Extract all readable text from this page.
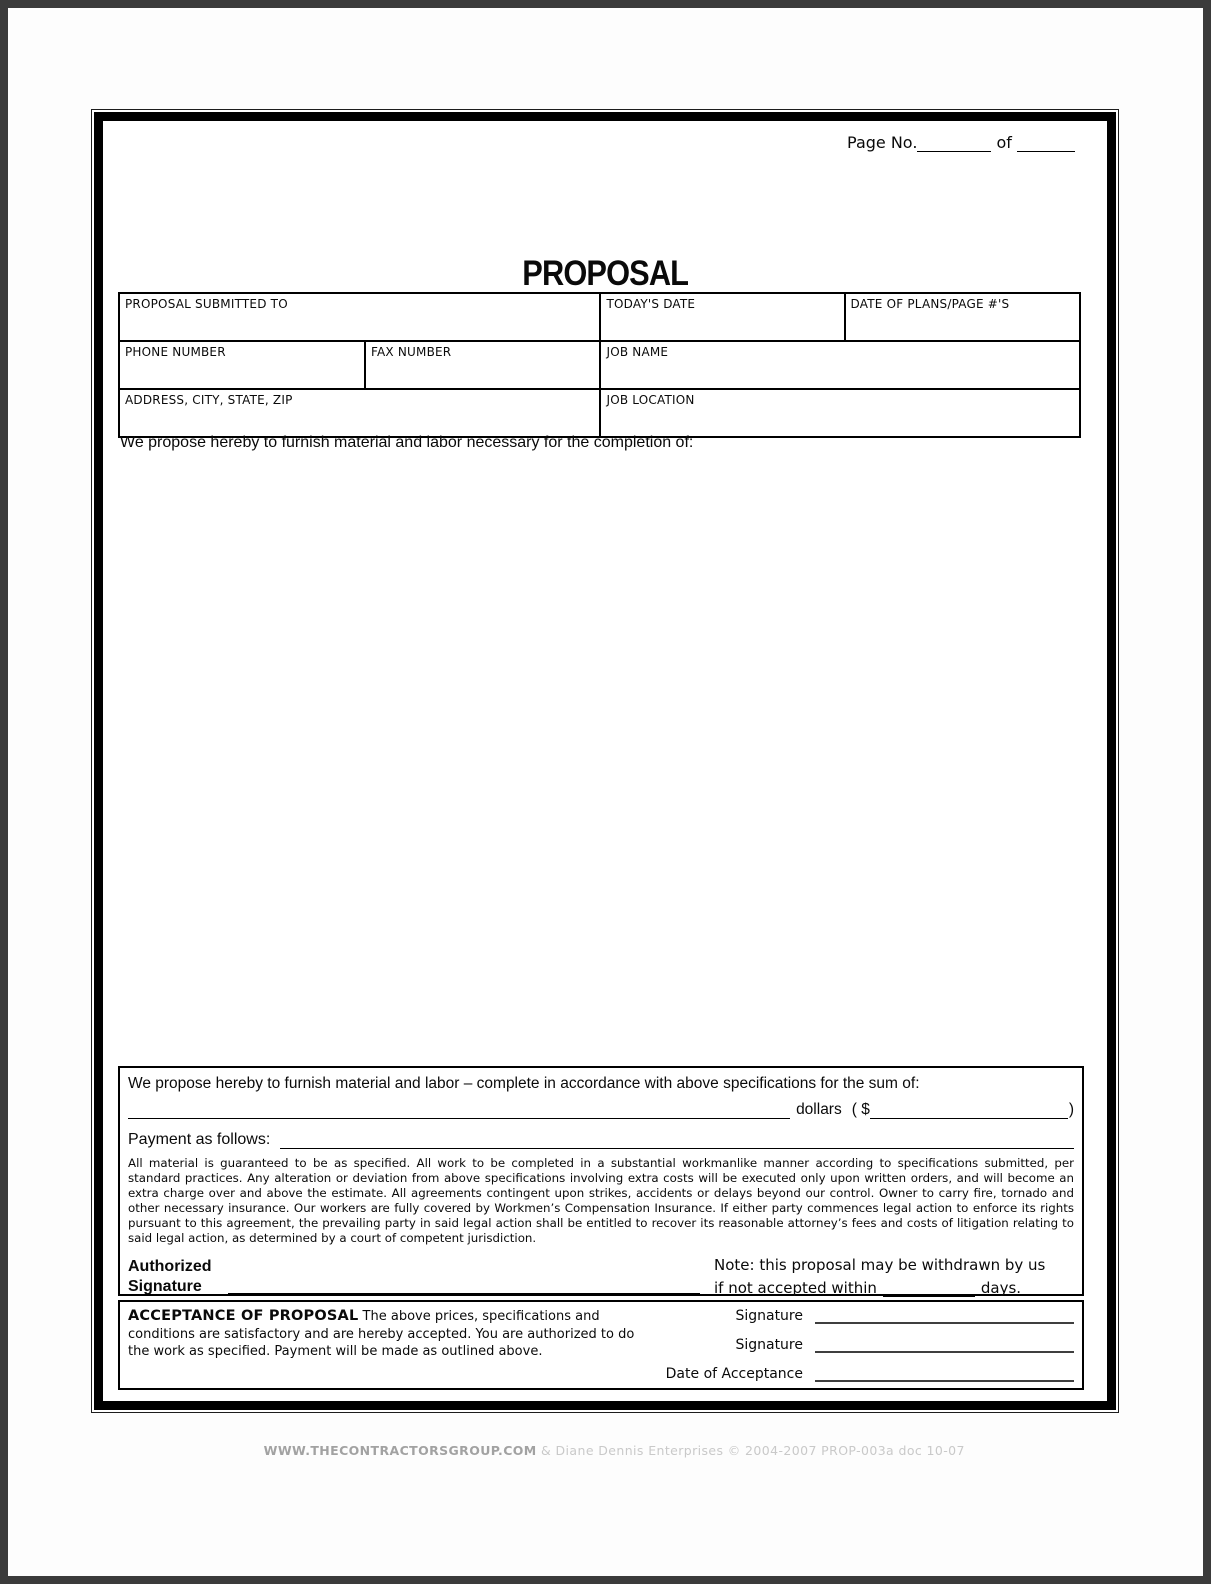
Page No.	of
PROPOSAL
PROPOSAL SUBMITTED TO		TODAY'S DATE	DATE OF PLANS/PAGE #'S
PHONE NUMBER	FAX NUMBER	JOB NAME	
ADDRESS, CITY, STATE, ZIP		JOB LOCATION	
We propose hereby to furnish material and labor necessary for the completion of:
We propose hereby to furnish material and labor – complete in accordance with above specifications for the sum of:
dollars ( $	)
Payment as follows:
All material is guaranteed to be as specified. All work to be completed in a substantial workmanlike manner according to specifications submitted, per standard practices. Any alteration or deviation from above specifications involving extra costs will be executed only upon written orders, and will become an extra charge over and above the estimate. All agreements contingent upon strikes, accidents or delays beyond our control. Owner to carry fire, tornado and other necessary insurance. Our workers are fully covered by Workmen’s Compensation Insurance. If either party commences legal action to enforce its rights pursuant to this agreement, the prevailing party in said legal action shall be entitled to recover its reasonable attorney’s fees and costs of litigation relating to said legal action, as determined by a court of competent jurisdiction.
Authorized
Signature
Note: this proposal may be withdrawn by us
if not accepted within	days.
ACCEPTANCE OF PROPOSAL The above prices, specifications and conditions are satisfactory and are hereby accepted. You are authorized to do the work as specified. Payment will be made as outlined above.
Signature
Signature
Date of Acceptance

WWW.THECONTRACTORSGROUP.COM & Diane Dennis Enterprises © 2004-2007 PROP-003a doc 10-07
